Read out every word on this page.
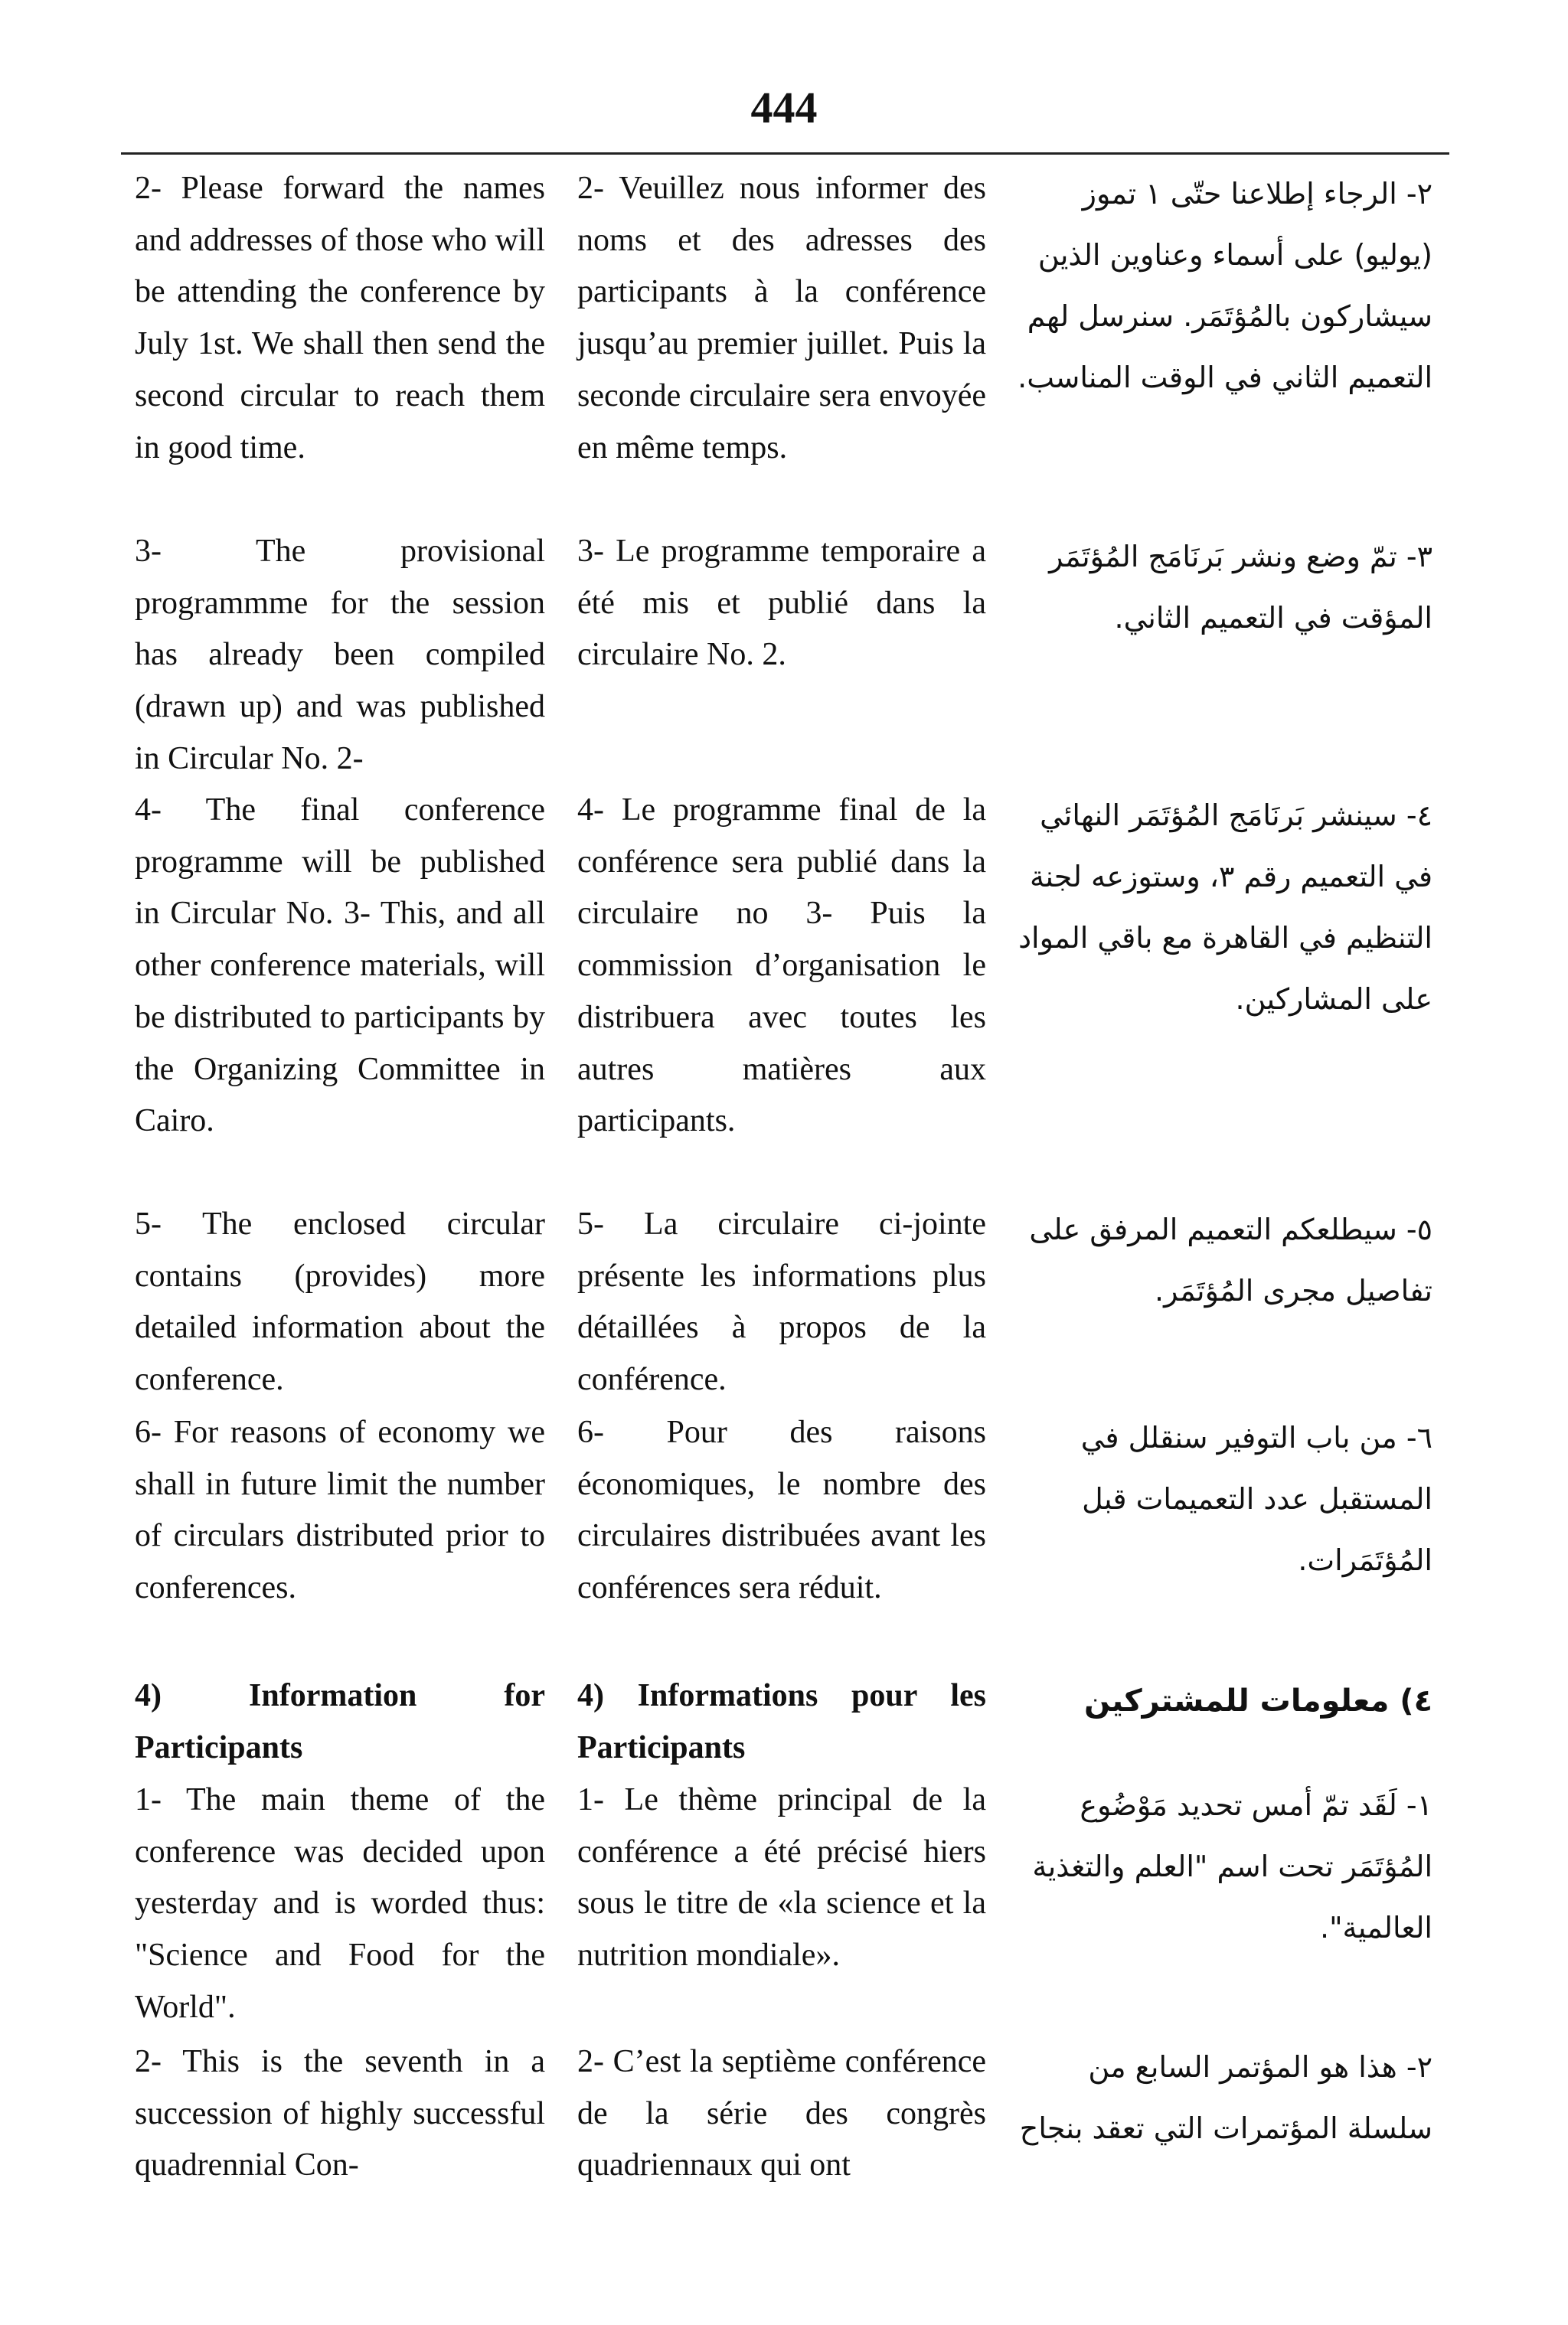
444
2- Please forward the names and addresses of those who will be attending the conference by July 1st. We shall then send the second circular to reach them in good time.
2- Veuillez nous informer des noms et des adresses des participants à la conférence jusqu’au premier juillet. Puis la seconde circulaire sera envoyée en même temps.
٢- الرجاء إطلاعنا حتّى ١ تموز (يوليو) على أسماء وعناوين الذين سيشاركون بالمُؤتَمَر. سنرسل لهم التعميم الثاني في الوقت المناسب.
3- The provisional programmme for the session has already been compiled (drawn up) and was published in Circular No. 2-
3- Le programme temporaire a été mis et publié dans la circulaire No. 2.
٣- تمّ وضع ونشر بَرنَامَج المُؤتَمَر المؤقت في التعميم الثاني.
4- The final conference programme will be published in Circular No. 3- This, and all other conference materials, will be distributed to participants by the Organizing Committee in Cairo.
4- Le programme final de la conférence sera publié dans la circulaire no 3- Puis la commission d’organisation le distribuera avec toutes les autres matières aux participants.
٤- سينشر بَرنَامَج المُؤتَمَر النهائي في التعميم رقم ٣، وستوزعه لجنة التنظيم في القاهرة مع باقي المواد على المشاركين.
5- The enclosed circular contains (provides) more detailed information about the conference.
5- La circulaire ci-jointe présente les informations plus détaillées à propos de la conférence.
٥- سيطلعكم التعميم المرفق على تفاصيل مجرى المُؤتَمَر.
6- For reasons of economy we shall in future limit the number of circulars distributed prior to conferences.
6- Pour des raisons économiques, le nombre des circulaires distribuées avant les conférences sera réduit.
٦- من باب التوفير سنقلل في المستقبل عدد التعميمات قبل المُؤتَمَرات.
4) Information for Participants
4) Informations pour les Participants
٤) معلومات للمشتركين
1- The main theme of the conference was decided upon yesterday and is worded thus: "Science and Food for the World".
1- Le thème principal de la conférence a été précisé hiers sous le titre de «la science et la nutrition mondiale».
١- لَقَد تمّ أمس تحديد مَوْضُوع المُؤتَمَر تحت اسم "العلم والتغذية العالمية".
2- This is the seventh in a succession of highly successful quadrennial Con-
2- C’est la septième conférence de la série des congrès quadriennaux qui ont
٢- هذا هو المؤتمر السابع من سلسلة المؤتمرات التي تعقد بنجاح
